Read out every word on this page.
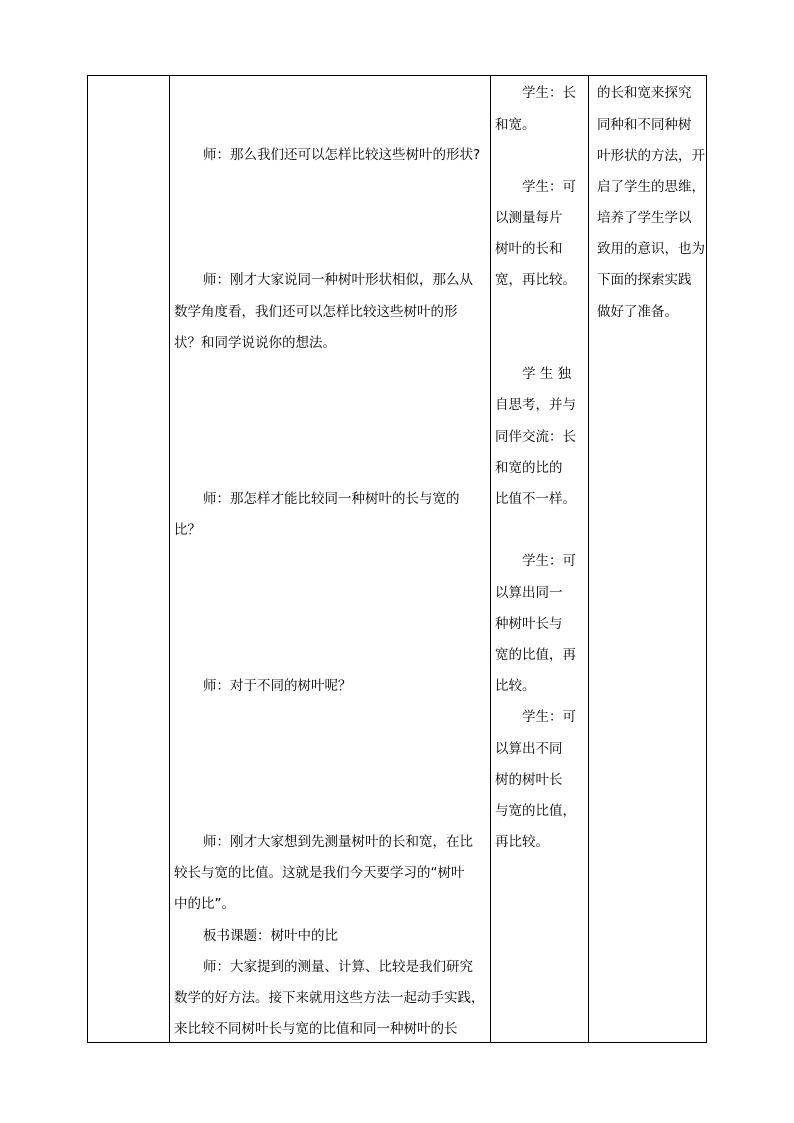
师：那么我们还可以怎样比较这些树叶的形状?
师：刚才大家说同一种树叶形状相似，那么从
数学角度看，我们还可以怎样比较这些树叶的形
状？和同学说说你的想法。
师：那怎样才能比较同一种树叶的长与宽的
比？
师：对于不同的树叶呢？
师：刚才大家想到先测量树叶的长和宽，在比
较长与宽的比值。这就是我们今天要学习的“树叶
中的比”。
板书课题：树叶中的比
师：大家提到的测量、计算、比较是我们研究
数学的好方法。接下来就用这些方法一起动手实践，
来比较不同树叶长与宽的比值和同一种树叶的长
学生：长
和宽。
学生：可
以测量每片
树叶的长和
宽，再比较。
学 生 独
自思考，并与
同伴交流：长
和宽的比的
比值不一样。
学生：可
以算出同一
种树叶长与
宽的比值，再
比较。
学生：可
以算出不同
树的树叶长
与宽的比值，
再比较。
的长和宽来探究
同种和不同种树
叶形状的方法，开
启了学生的思维，
培养了学生学以
致用的意识，也为
下面的探索实践
做好了准备。
